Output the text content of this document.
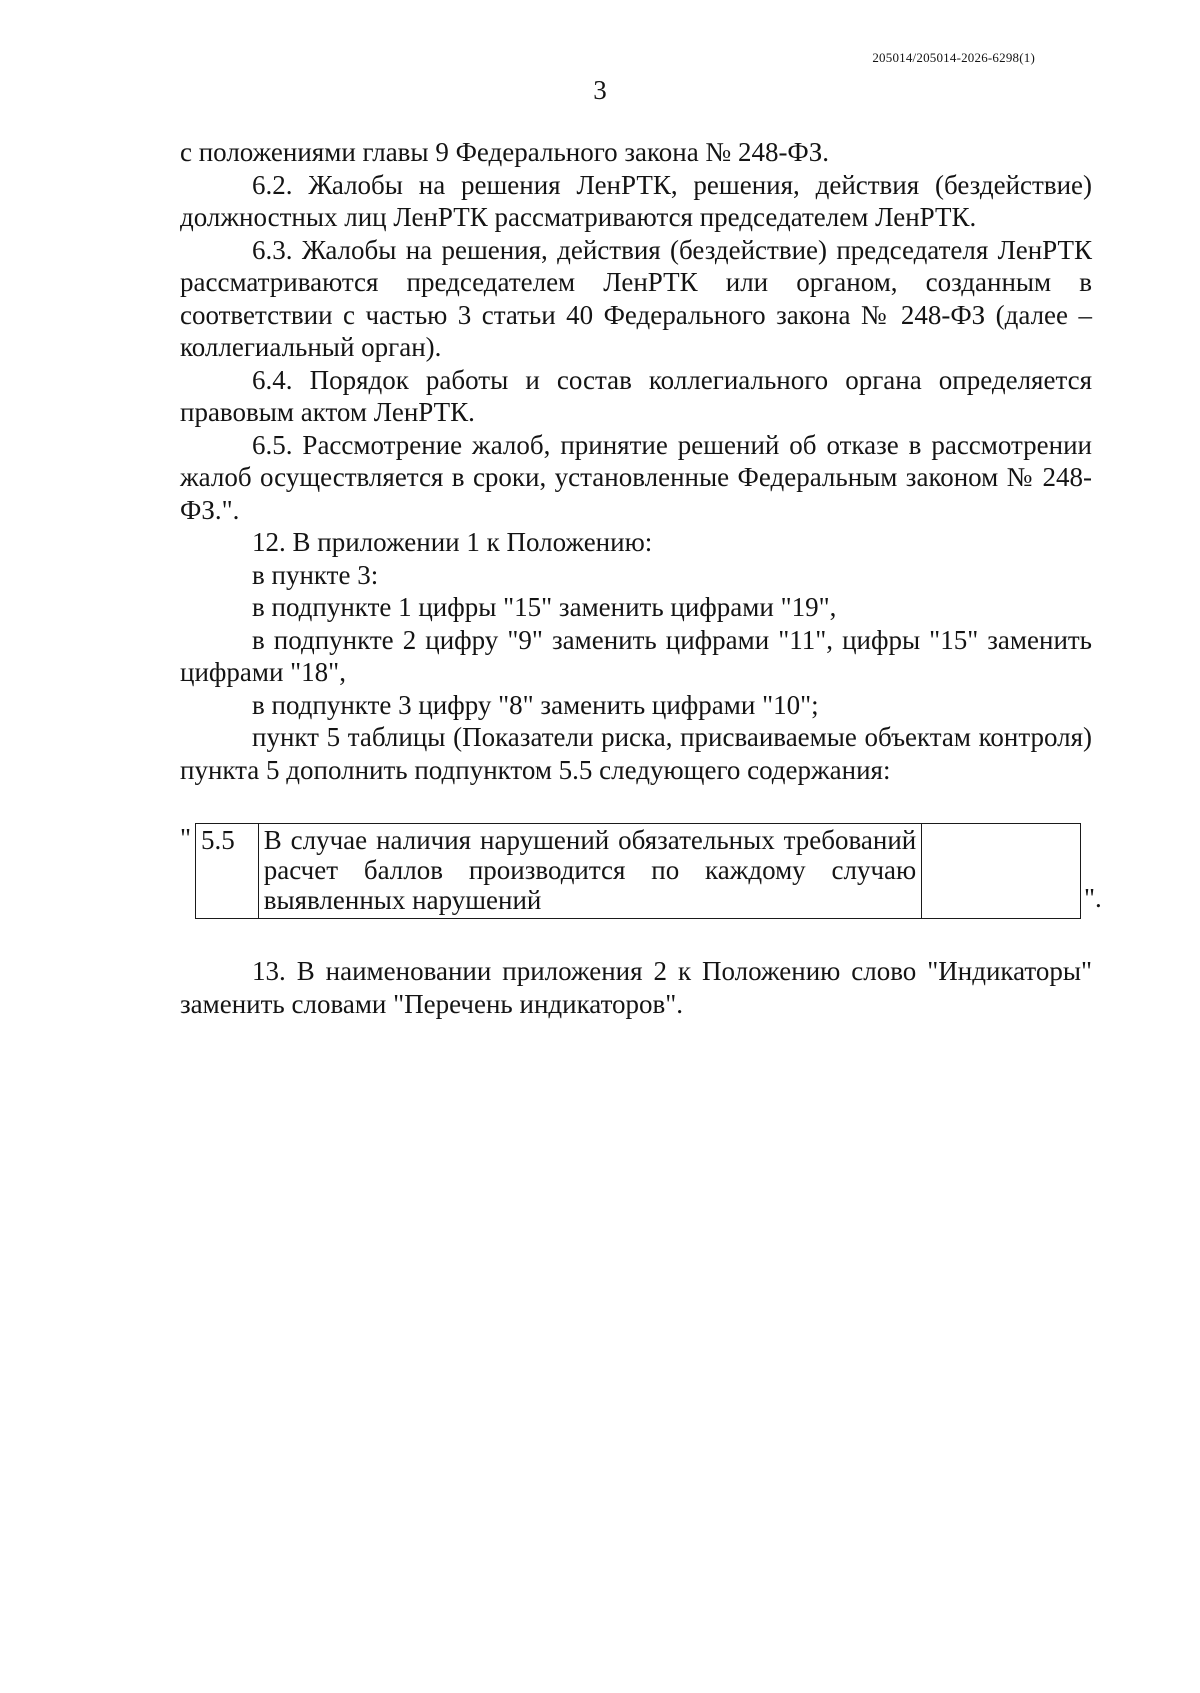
205014/205014-2026-6298(1)
3

с положениями главы 9 Федерального закона № 248-ФЗ.

6.2. Жалобы на решения ЛенРТК, решения, действия (бездействие) должностных лиц ЛенРТК рассматриваются председателем ЛенРТК.

6.3. Жалобы на решения, действия (бездействие) председателя ЛенРТК рассматриваются председателем ЛенРТК или органом, созданным в соответствии с частью 3 статьи 40 Федерального закона № 248-ФЗ (далее – коллегиальный орган).

6.4. Порядок работы и состав коллегиального органа определяется правовым актом ЛенРТК.

6.5. Рассмотрение жалоб, принятие решений об отказе в рассмотрении жалоб осуществляется в сроки, установленные Федеральным законом № 248-ФЗ.".

12. В приложении 1 к Положению:

в пункте 3:

в подпункте 1 цифры "15" заменить цифрами "19",

в подпункте 2 цифру "9" заменить цифрами "11", цифры "15" заменить цифрами "18",

в подпункте 3 цифру "8" заменить цифрами "10";

пункт 5 таблицы (Показатели риска, присваиваемые объектам контроля) пункта 5 дополнить подпунктом 5.5 следующего содержания:

" 5.5	В случае наличия нарушений обязательных требований расчет баллов производится по каждому случаю выявленных нарушений		".

13. В наименовании приложения 2 к Положению слово "Индикаторы" заменить словами "Перечень индикаторов".
